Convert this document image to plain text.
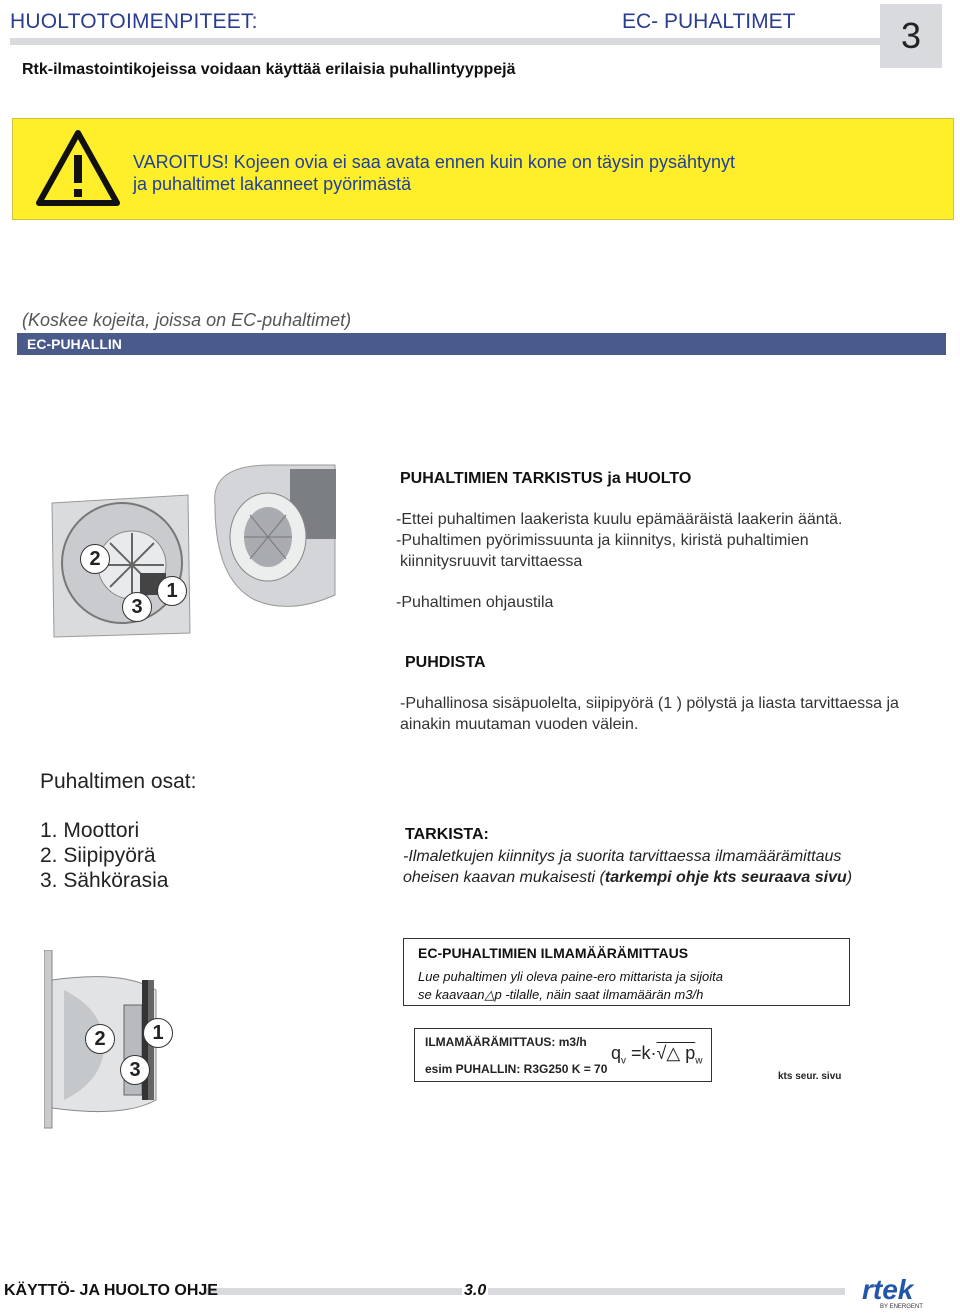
HUOLTOTOIMENPITEET:	EC- PUHALTIMET	3
Rtk-ilmastointikojeissa voidaan käyttää erilaisia puhallintyyppejä
VAROITUS! Kojeen ovia ei saa avata ennen kuin kone on täysin pysähtynyt
ja puhaltimet lakanneet pyörimästä
(Koskee kojeita, joissa on EC-puhaltimet)
EC-PUHALLIN
2
3
1
PUHALTIMIEN TARKISTUS ja HUOLTO
-Ettei puhaltimen laakerista kuulu epämääräistä laakerin ääntä.
-Puhaltimen pyörimissuunta ja kiinnitys, kiristä puhaltimien
kiinnitysruuvit tarvittaessa
-Puhaltimen ohjaustila
PUHDISTA
-Puhallinosa sisäpuolelta, siipipyörä (1 ) pölystä ja liasta tarvittaessa ja
ainakin muutaman vuoden välein.
Puhaltimen osat:
1. Moottori
2. Siipipyörä
3. Sähkörasia
TARKISTA:
-Ilmaletkujen kiinnitys ja suorita tarvittaessa ilmamäärämittaus
oheisen kaavan mukaisesti (tarkempi ohje kts seuraava sivu)
2
3
1
EC-PUHALTIMIEN ILMAMÄÄRÄMITTAUS
Lue puhaltimen yli oleva paine-ero mittarista ja sijoita
se kaavaan△p -tilalle, näin saat ilmamäärän m3/h
ILMAMÄÄRÄMITTAUS: m3/h
$q_v$ =k·√△ $p_w$
esim PUHALLIN: R3G250 K = 70
kts seur. sivu
KÄYTTÖ- JA HUOLTO OHJE	3.0	rtek
BY ENERGENT
